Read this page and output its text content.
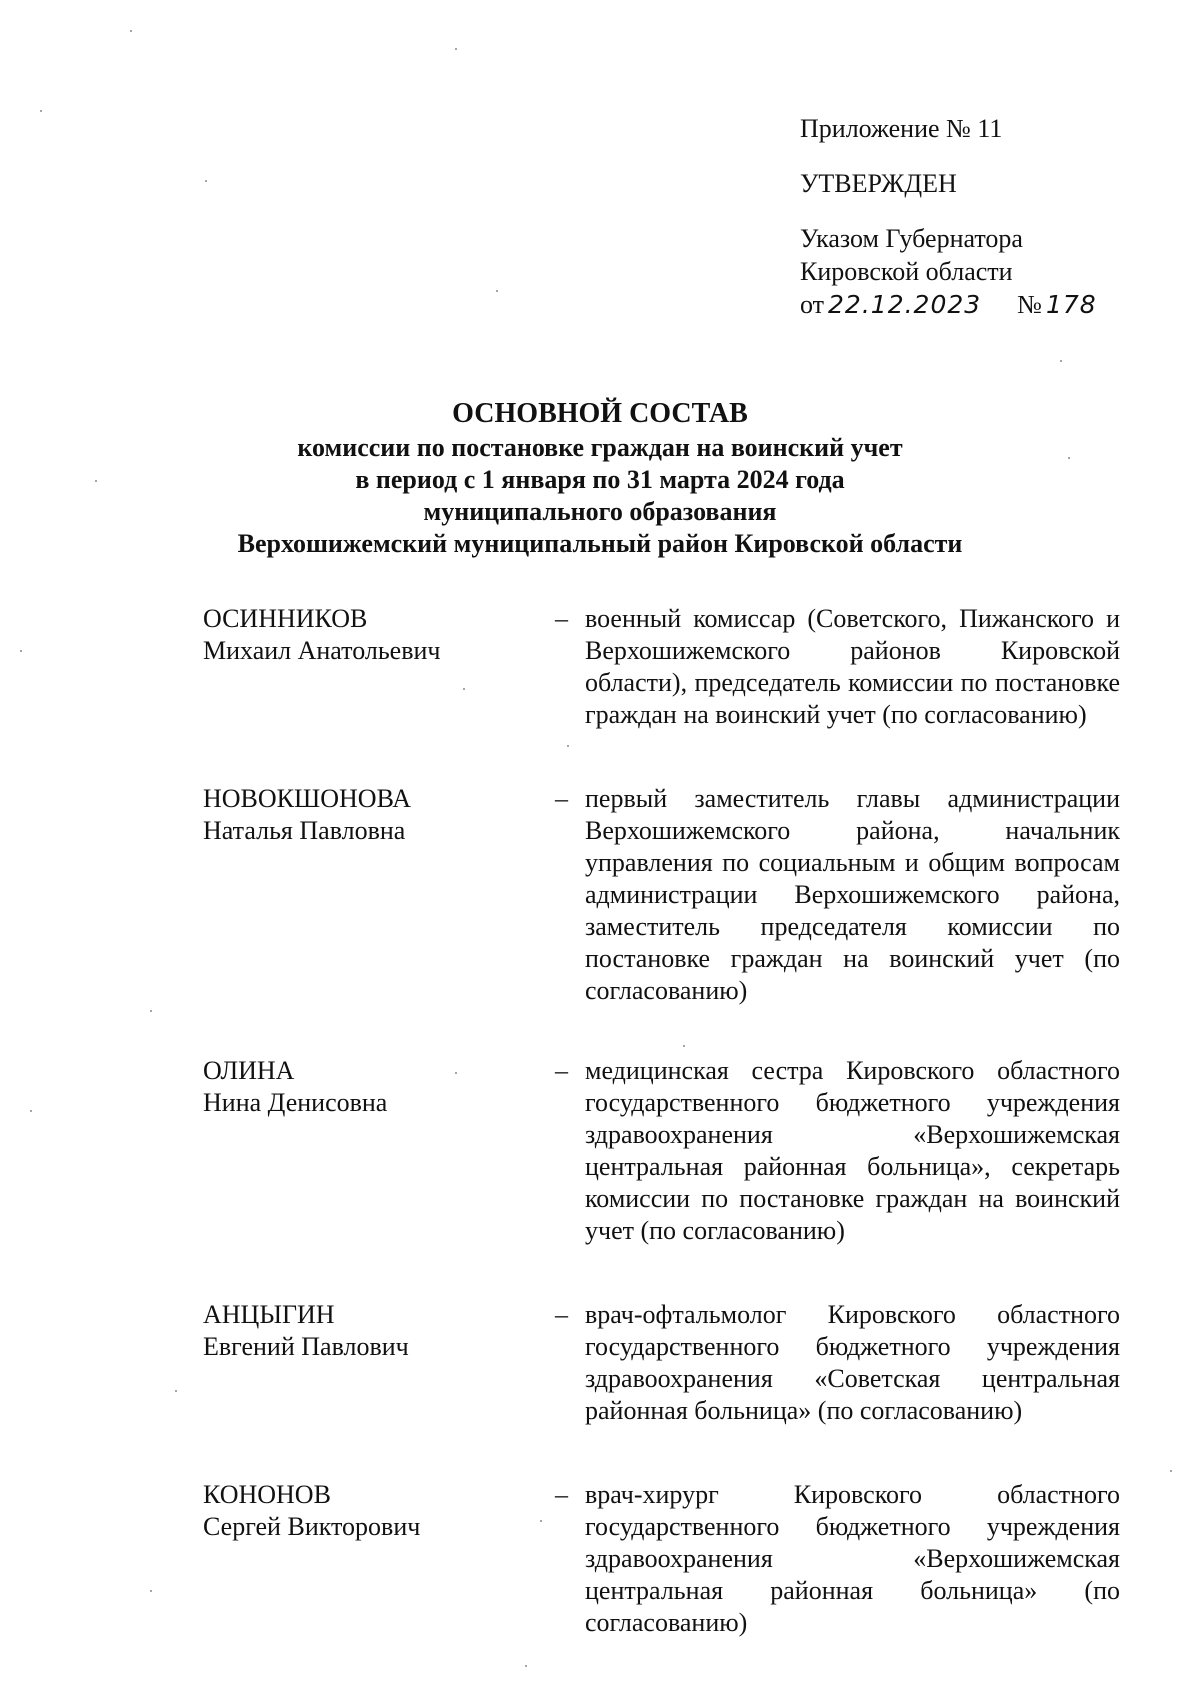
Приложение № 11
УТВЕРЖДЕН
Указом Губернатора
Кировской области
от 22.12.2023 № 178
ОСНОВНОЙ СОСТАВ
комиссии по постановке граждан на воинский учет
в период с 1 января по 31 марта 2024 года
муниципального образования
Верхошижемский муниципальный район Кировской области
ОСИННИКОВ
Михаил Анатольевич
– военный комиссар (Советского, Пижанского и Верхошижемского районов Кировской области), председатель комиссии по постановке граждан на воинский учет (по согласованию)
НОВОКШОНОВА
Наталья Павловна
– первый заместитель главы администрации Верхошижемского района, начальник управления по социальным и общим вопросам администрации Верхошижемского района, заместитель председателя комиссии по постановке граждан на воинский учет (по согласованию)
ОЛИНА
Нина Денисовна
– медицинская сестра Кировского областного государственного бюджетного учреждения здравоохранения «Верхошижемская центральная районная больница», секретарь комиссии по постановке граждан на воинский учет (по согласованию)
АНЦЫГИН
Евгений Павлович
– врач-офтальмолог Кировского областного государственного бюджетного учреждения здравоохранения «Советская центральная районная больница» (по согласованию)
КОНОНОВ
Сергей Викторович
– врач-хирург Кировского областного государственного бюджетного учреждения здравоохранения «Верхошижемская центральная районная больница» (по согласованию)
